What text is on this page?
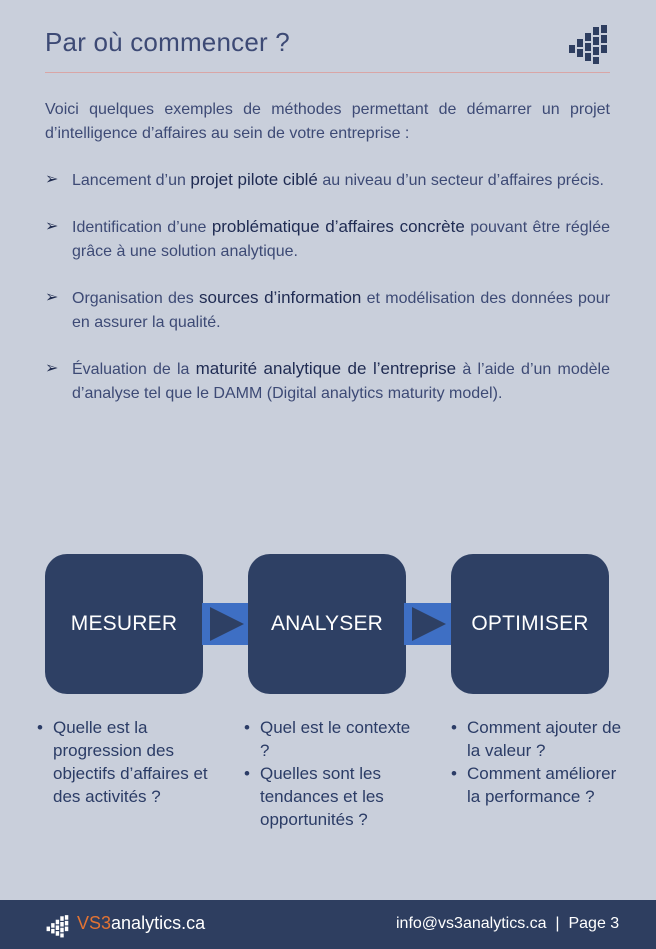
Par où commencer ?
Voici quelques exemples de méthodes permettant de démarrer un projet d’intelligence d’affaires au sein de votre entreprise :
➢ Lancement d’un projet pilote ciblé au niveau d’un secteur d’affaires précis.
➢ Identification d’une problématique d’affaires concrète pouvant être réglée grâce à une solution analytique.
➢ Organisation des sources d’information et modélisation des données pour en assurer la qualité.
➢ Évaluation de la maturité analytique de l’entreprise à l’aide d’un modèle d’analyse tel que le DAMM (Digital analytics maturity model).
MESURER	ANALYSER	OPTIMISER
• Quelle est la progression des objectifs d’affaires et des activités ?
• Quel est le contexte ?
• Quelles sont les tendances et les opportunités ?
• Comment ajouter de la valeur ?
• Comment améliorer la performance ?
VS3analytics.ca	info@vs3analytics.ca  |  Page 3
